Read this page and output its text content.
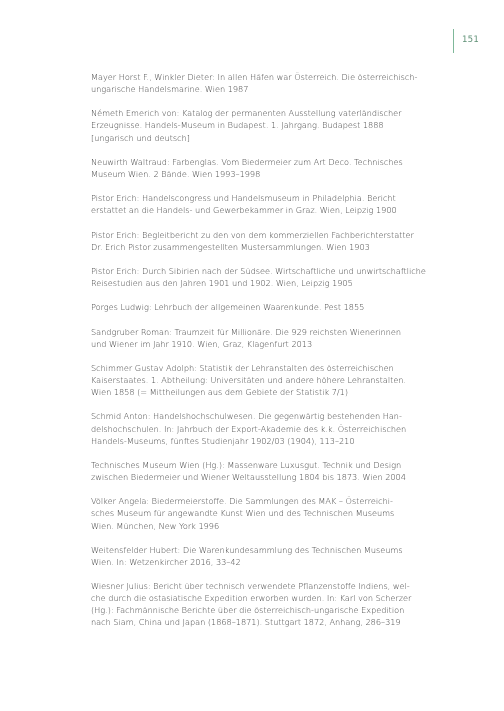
151
Mayer Horst F., Winkler Dieter: In allen Häfen war Österreich. Die österreichisch-
ungarische Handelsmarine. Wien 1987
Németh Emerich von: Katalog der permanenten Ausstellung vaterländischer
Erzeugnisse. Handels-Museum in Budapest. 1. Jahrgang. Budapest 1888
[ungarisch und deutsch]
Neuwirth Waltraud: Farbenglas. Vom Biedermeier zum Art Deco. Technisches
Museum Wien. 2 Bände. Wien 1993–1998
Pistor Erich: Handelscongress und Handelsmuseum in Philadelphia. Bericht
erstattet an die Handels- und Gewerbekammer in Graz. Wien, Leipzig 1900
Pistor Erich: Begleitbericht zu den von dem kommerziellen Fachberichterstatter
Dr. Erich Pistor zusammengestellten Mustersammlungen. Wien 1903
Pistor Erich: Durch Sibirien nach der Südsee. Wirtschaftliche und unwirtschaftliche
Reisestudien aus den Jahren 1901 und 1902. Wien, Leipzig 1905
Porges Ludwig: Lehrbuch der allgemeinen Waarenkunde. Pest 1855
Sandgruber Roman: Traumzeit für Millionäre. Die 929 reichsten Wienerinnen
und Wiener im Jahr 1910. Wien, Graz, Klagenfurt 2013
Schimmer Gustav Adolph: Statistik der Lehranstalten des österreichischen
Kaiserstaates. 1. Abtheilung: Universitäten und andere höhere Lehranstalten.
Wien 1858 (= Mittheilungen aus dem Gebiete der Statistik 7/1)
Schmid Anton: Handelshochschulwesen. Die gegenwärtig bestehenden Han-
delshochschulen. In: Jahrbuch der Export-Akademie des k.k. Österreichischen
Handels-Museums, fünftes Studienjahr 1902/03 (1904), 113–210
Technisches Museum Wien (Hg.): Massenware Luxusgut. Technik und Design
zwischen Biedermeier und Wiener Weltausstellung 1804 bis 1873. Wien 2004
Völker Angela: Biedermeierstoffe. Die Sammlungen des MAK – Österreichi-
sches Museum für angewandte Kunst Wien und des Technischen Museums
Wien. München, New York 1996
Weitensfelder Hubert: Die Warenkundesammlung des Technischen Museums
Wien. In: Wetzenkircher 2016, 33–42
Wiesner Julius: Bericht über technisch verwendete Pflanzenstoffe Indiens, wel-
che durch die ostasiatische Expedition erworben wurden. In: Karl von Scherzer
(Hg.): Fachmännische Berichte über die österreichisch-ungarische Expedition
nach Siam, China und Japan (1868–1871). Stuttgart 1872, Anhang, 286–319
